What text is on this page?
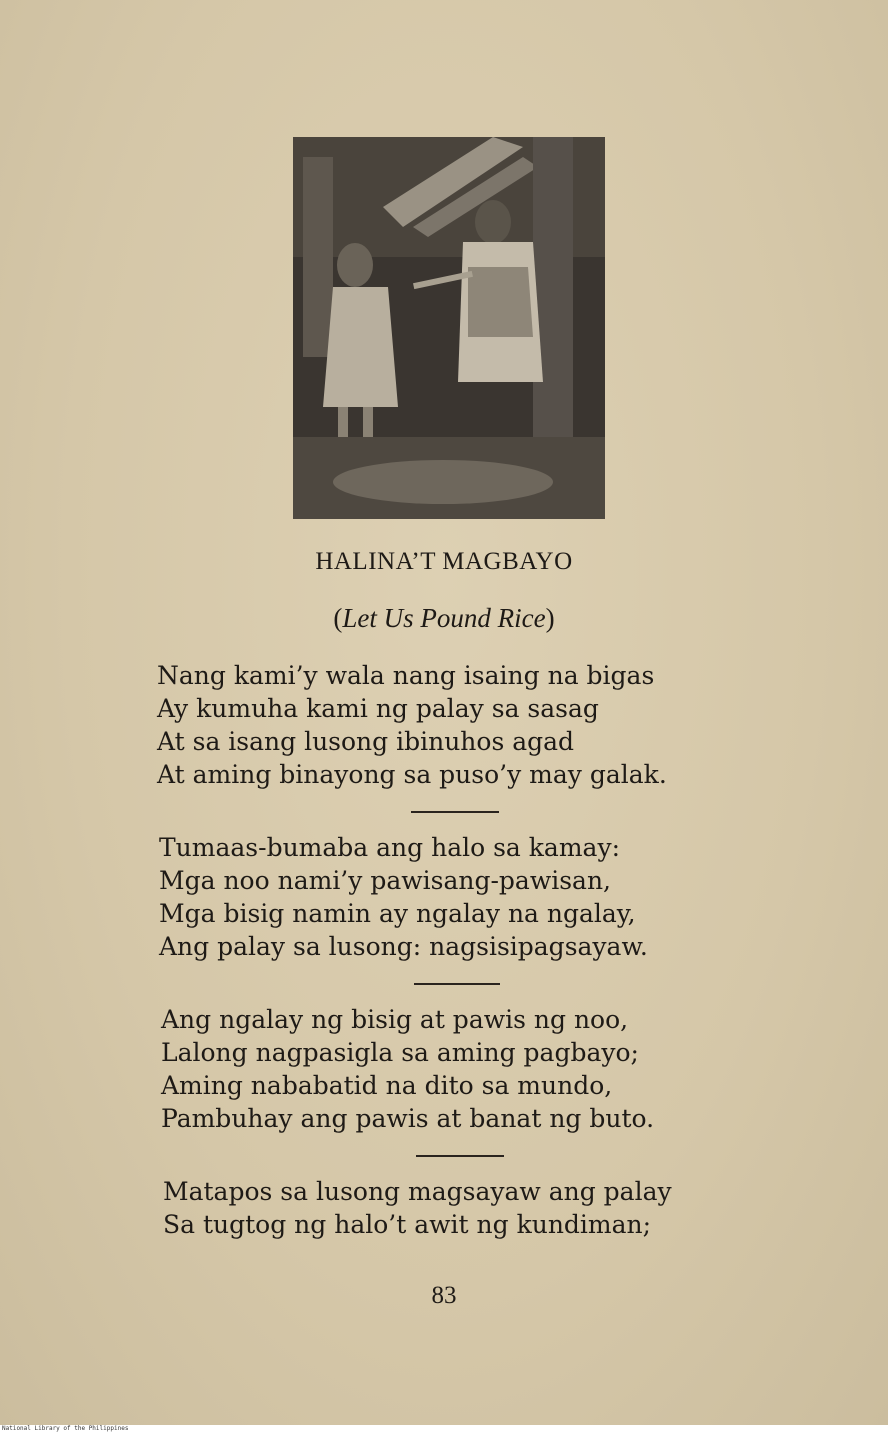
HALINA’T MAGBAYO
(Let Us Pound Rice)
Nang kami’y wala nang isaing na bigas
Ay kumuha kami ng palay sa sasag
At sa isang lusong ibinuhos agad
At aming binayong sa puso’y may galak.
Tumaas-bumaba ang halo sa kamay:
Mga noo nami’y pawisang-pawisan,
Mga bisig namin ay ngalay na ngalay,
Ang palay sa lusong: nagsisipagsayaw.
Ang ngalay ng bisig at pawis ng noo,
Lalong nagpasigla sa aming pagbayo;
Aming nababatid na dito sa mundo,
Pambuhay ang pawis at banat ng buto.
Matapos sa lusong magsayaw ang palay
Sa tugtog ng halo’t awit ng kundiman;
83
National Library of the Philippines
